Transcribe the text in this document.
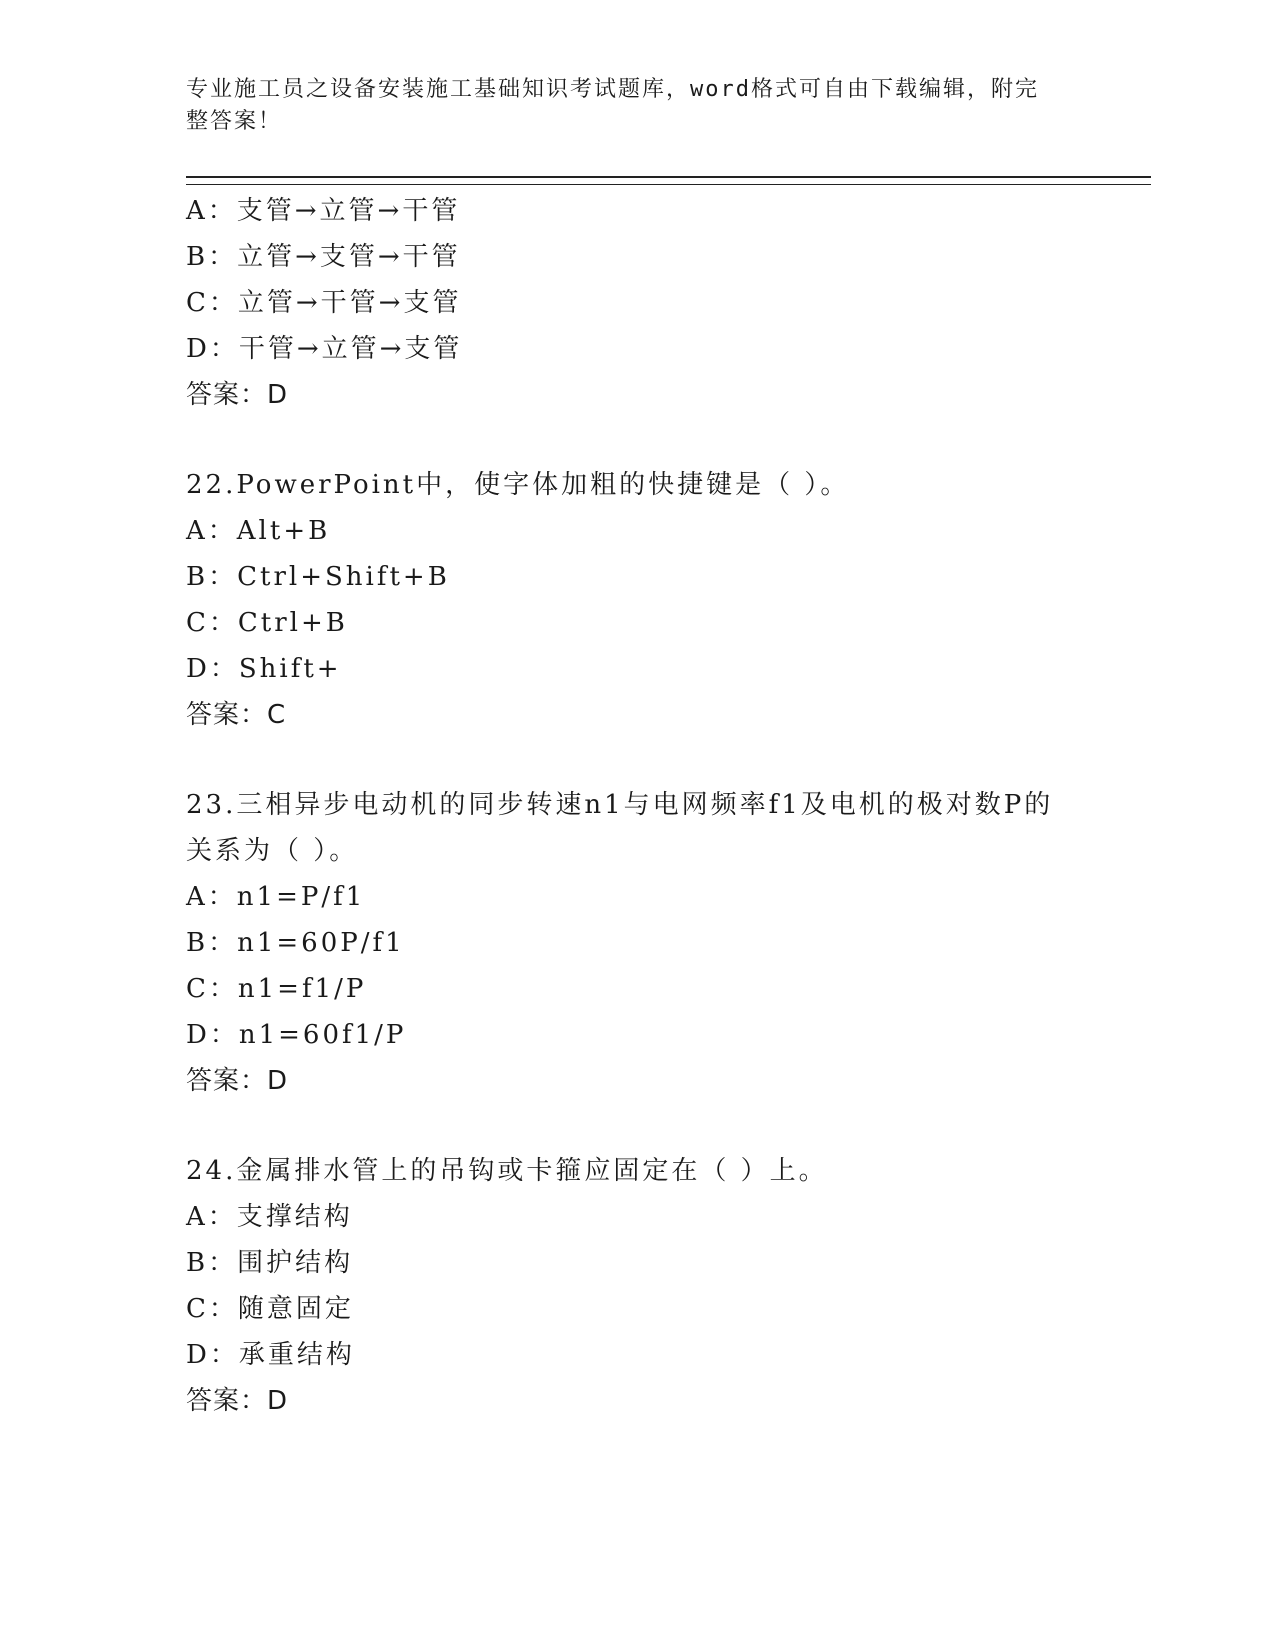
专业施工员之设备安装施工基础知识考试题库，word格式可自由下载编辑，附完
整答案！
A：支管→立管→干管
B：立管→支管→干管
C：立管→干管→支管
D：干管→立管→支管
答案：D
22.PowerPoint中，使字体加粗的快捷键是（ ）。
A：Alt+B
B：Ctrl+Shift+B
C：Ctrl+B
D：Shift+
答案：C
23.三相异步电动机的同步转速n1与电网频率f1及电机的极对数P的
关系为（ ）。
A：n1=P/f1
B：n1=60P/f1
C：n1=f1/P
D：n1=60f1/P
答案：D
24.金属排水管上的吊钩或卡箍应固定在（ ）上。
A：支撑结构
B：围护结构
C：随意固定
D：承重结构
答案：D
